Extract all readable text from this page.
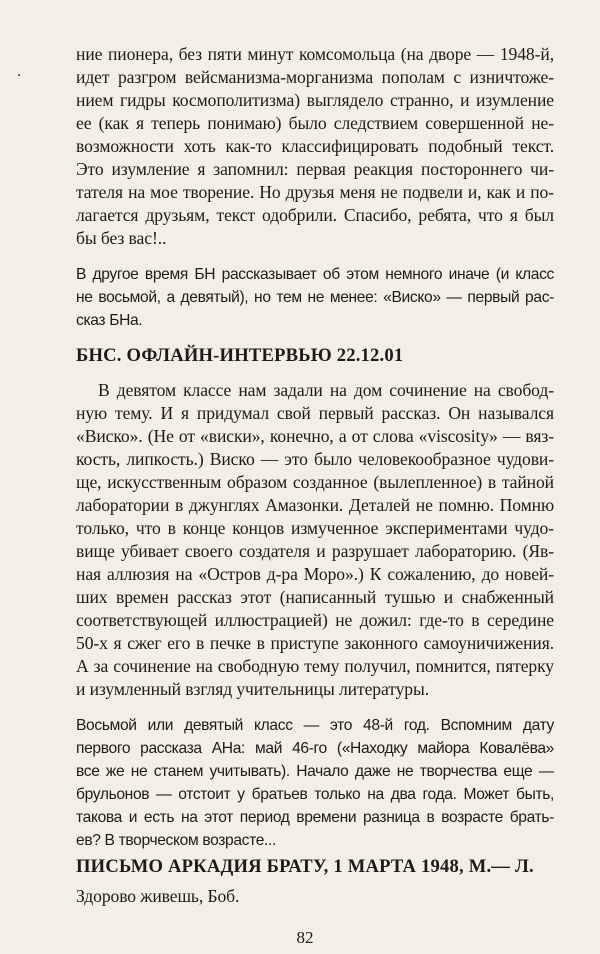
ние пионера, без пяти минут комсомольца (на дворе — 1948-й,
идет разгром вейсманизма-морганизма пополам с изничтоже-
нием гидры космополитизма) выглядело странно, и изумление
ее (как я теперь понимаю) было следствием совершенной не-
возможности хоть как-то классифицировать подобный текст.
Это изумление я запомнил: первая реакция постороннего чи-
тателя на мое творение. Но друзья меня не подвели и, как и по-
лагается друзьям, текст одобрили. Спасибо, ребята, что я был
бы без вас!..
В другое время БН рассказывает об этом немного иначе (и класс
не восьмой, а девятый), но тем не менее: «Виско» — первый рас-
сказ БНа.
БНС. ОФЛАЙН-ИНТЕРВЬЮ 22.12.01
В девятом классе нам задали на дом сочинение на свобод-
ную тему. И я придумал свой первый рассказ. Он назывался
«Виско». (Не от «виски», конечно, а от слова «viscosity» — вяз-
кость, липкость.) Виско — это было человекообразное чудови-
ще, искусственным образом созданное (вылепленное) в тайной
лаборатории в джунглях Амазонки. Деталей не помню. Помню
только, что в конце концов измученное экспериментами чудо-
вище убивает своего создателя и разрушает лабораторию. (Яв-
ная аллюзия на «Остров д-ра Моро».) К сожалению, до новей-
ших времен рассказ этот (написанный тушью и снабженный
соответствующей иллюстрацией) не дожил: где-то в середине
50-х я сжег его в печке в приступе законного самоуничижения.
А за сочинение на свободную тему получил, помнится, пятерку
и изумленный взгляд учительницы литературы.
Восьмой или девятый класс — это 48-й год. Вспомним дату
первого рассказа АНа: май 46-го («Находку майора Ковалёва»
все же не станем учитывать). Начало даже не творчества еще —
брульонов — отстоит у братьев только на два года. Может быть,
такова и есть на этот период времени разница в возрасте брать-
ев? В творческом возрасте...
ПИСЬМО АРКАДИЯ БРАТУ, 1 МАРТА 1948, М.— Л.
Здорово живешь, Боб.
82
